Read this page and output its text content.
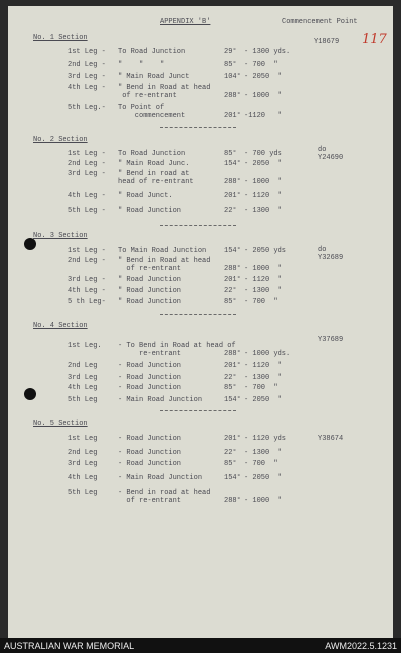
APPENDIX 'B'	Commencement Point
Y18679 117
No. 1 Section
1st Leg - To Road Junction	29° - 1300 yds.
2nd Leg - "    "    "	85° - 700  "
3rd Leg - " Main Road Junct	104° - 2050  "
4th Leg - " Bend in Road at head
of re-entrant	288° - 1000  "
5th Leg.- To Point of
commencement	201° -1120   "
No. 2 Section
do
Y24690
1st Leg - To Road Junction	85° - 700 yds
2nd Leg - " Main Road Junc.	154° - 2050  "
3rd Leg - " Bend in road at
head of re-entrant	288° - 1000  "
4th Leg - " Road Junct.	201° - 1120  "
5th Leg - " Road Junction	22° - 1300  "
No. 3 Section
do
Y32689
1st Leg - To Main Road Junction	154° - 2050 yds
2nd Leg - " Bend in Road at head
of re-entrant	288° - 1000  "
3rd Leg - " Road Junction	201° - 1120  "
4th Leg - " Road Junction	22° - 1300  "
5 th Leg- " Road Junction	85° - 700  "
No. 4 Section
Y37689
1st Leg. - To Bend in Road at head of
re-entrant	288° - 1000 yds.
2nd Leg	- Road Junction	201° - 1120  "
3rd Leg	- Road Junction	22° - 1300  "
4th Leg	- Road Junction	85° - 700  "
5th Leg	- Main Road Junction	154° - 2050  "
No. 5 Section
Y38674
1st Leg	- Road Junction	201° - 1120 yds
2nd Leg	- Road Junction	22° - 1300  "
3rd Leg	- Road Junction	85° - 700  "
4th Leg	- Main Road Junction	154° - 2050  "
5th Leg	- Bend in road at head
of re-entrant	288° - 1000  "
AUSTRALIAN WAR MEMORIAL	AWM2022.5.1231
